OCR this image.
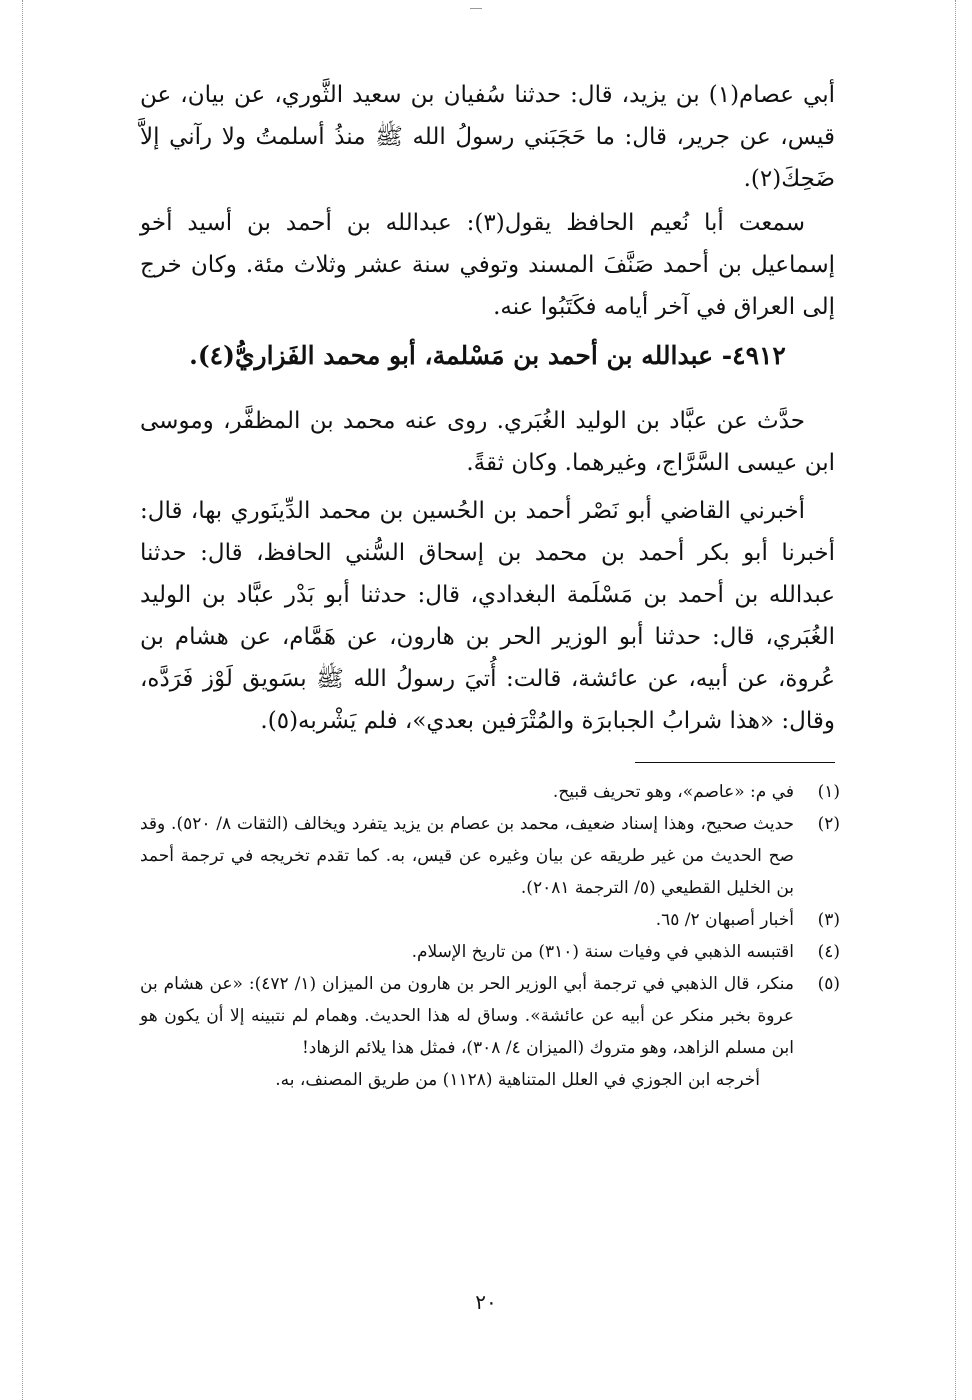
أبي عصام(١) بن يزيد، قال: حدثنا سُفيان بن سعيد الثَّوري، عن بيان، عن قيس، عن جرير، قال: ما حَجَبَني رسولُ الله ﷺ منذُ أسلمتُ ولا رآني إلاَّ ضَحِكَ(٢).

سمعت أبا نُعيم الحافظ يقول(٣): عبدالله بن أحمد بن أسيد أخو إسماعيل بن أحمد صَنَّفَ المسند وتوفي سنة عشر وثلاث مئة. وكان خرج إلى العراق في آخر أيامه فكَتَبُوا عنه.

٤٩١٢- عبدالله بن أحمد بن مَسْلمة، أبو محمد الفَزاريُّ(٤).

حدَّث عن عبَّاد بن الوليد الغُبَري. روى عنه محمد بن المظفَّر، وموسى ابن عيسى السَّرَّاج، وغيرهما. وكان ثقةً.

أخبرني القاضي أبو نَصْر أحمد بن الحُسين بن محمد الدِّينَوري بها، قال: أخبرنا أبو بكر أحمد بن محمد بن إسحاق السُّني الحافظ، قال: حدثنا عبدالله بن أحمد بن مَسْلَمة البغدادي، قال: حدثنا أبو بَدْر عبَّاد بن الوليد الغُبَري، قال: حدثنا أبو الوزير الحر بن هارون، عن هَمَّام، عن هشام بن عُروة، عن أبيه، عن عائشة، قالت: أُتيَ رسولُ الله ﷺ بسَويق لَوْز فَرَدَّه، وقال: «هذا شرابُ الجبابرَة والمُتْرَفين بعدي»، فلم يَشْربه(٥).

(١)
في م: «عاصم»، وهو تحريف قبيح.
(٢)
حديث صحيح، وهذا إسناد ضعيف، محمد بن عصام بن يزيد يتفرد ويخالف (الثقات ٨/ ٥٢٠). وقد صح الحديث من غير طريقه عن بيان وغيره عن قيس، به. كما تقدم تخريجه في ترجمة أحمد بن الخليل القطيعي (٥/ الترجمة ٢٠٨١).
(٣)
أخبار أصبهان ٢/ ٦٥.
(٤)
اقتبسه الذهبي في وفيات سنة (٣١٠) من تاريخ الإسلام.
(٥)
منكر، قال الذهبي في ترجمة أبي الوزير الحر بن هارون من الميزان (١/ ٤٧٢): «عن هشام بن عروة بخبر منكر عن أبيه عن عائشة». وساق له هذا الحديث. وهمام لم نتبينه إلا أن يكون هو ابن مسلم الزاهد، وهو متروك (الميزان ٤/ ٣٠٨)، فمثل هذا يلائم الزهاد!
أخرجه ابن الجوزي في العلل المتناهية (١١٢٨) من طريق المصنف، به.
٢٠
